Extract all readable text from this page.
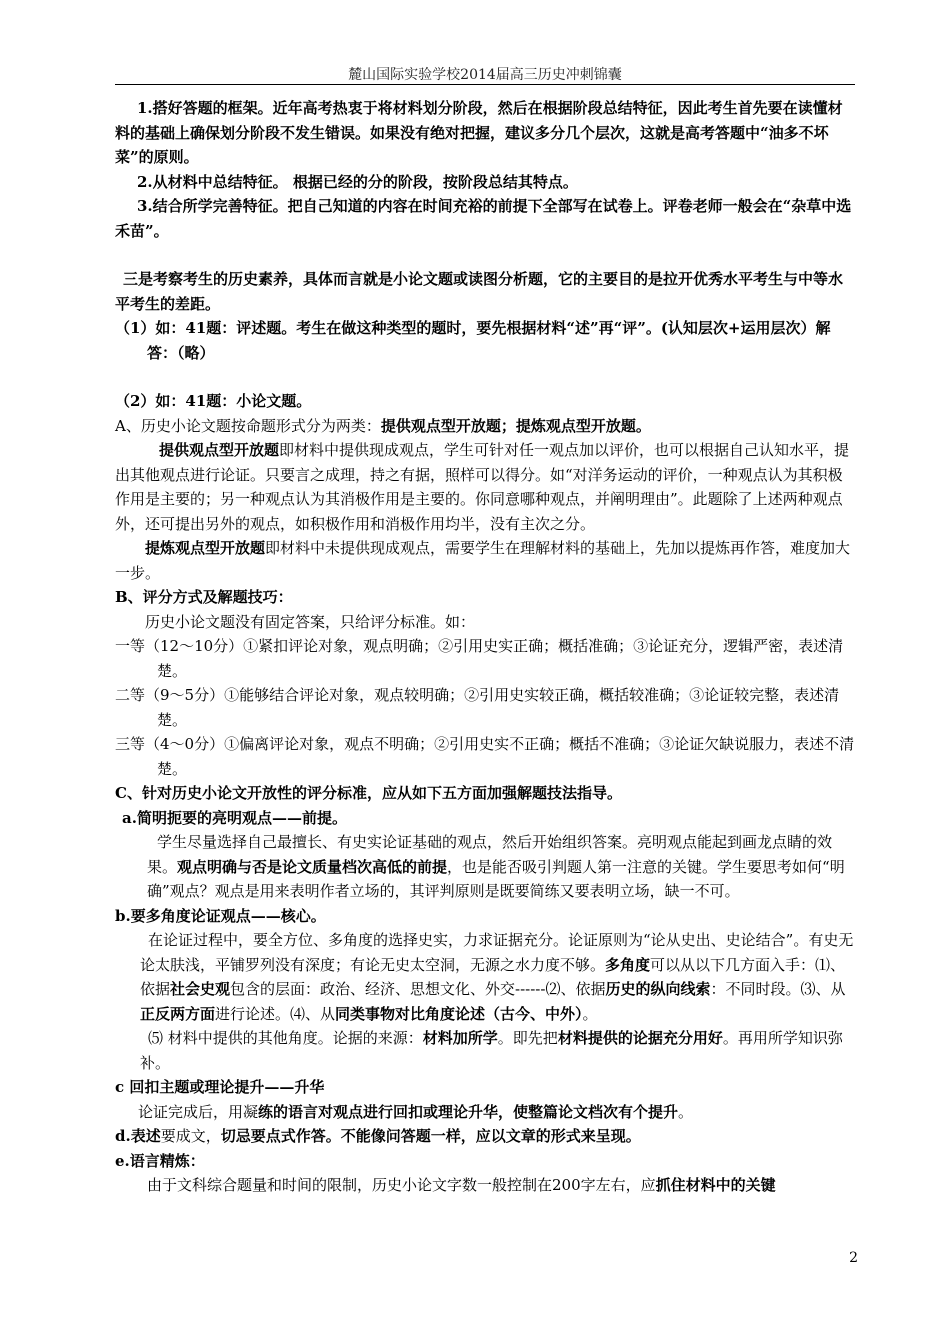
麓山国际实验学校2014届高三历史冲刺锦囊

1.搭好答题的框架。近年高考热衷于将材料划分阶段，然后在根据阶段总结特征，因此考生首先要在读懂材料的基础上确保划分阶段不发生错误。如果没有绝对把握，建议多分几个层次，这就是高考答题中“油多不坏菜”的原则。

2.从材料中总结特征。 根据已经的分的阶段，按阶段总结其特点。

3.结合所学完善特征。把自己知道的内容在时间充裕的前提下全部写在试卷上。评卷老师一般会在“杂草中选禾苗”。

三是考察考生的历史素养，具体而言就是小论文题或读图分析题，它的主要目的是拉开优秀水平考生与中等水平考生的差距。

（1）如：41题：评述题。考生在做这种类型的题时，要先根据材料“述”再“评”。(认知层次+运用层次）解答：（略）

（2）如：41题：小论文题。

A、历史小论文题按命题形式分为两类：提供观点型开放题；提炼观点型开放题。

提供观点型开放题即材料中提供现成观点，学生可针对任一观点加以评价，也可以根据自己认知水平，提出其他观点进行论证。只要言之成理，持之有据，照样可以得分。如“对洋务运动的评价，一种观点认为其积极作用是主要的；另一种观点认为其消极作用是主要的。你同意哪种观点，并阐明理由”。此题除了上述两种观点外，还可提出另外的观点，如积极作用和消极作用均半，没有主次之分。

提炼观点型开放题即材料中未提供现成观点，需要学生在理解材料的基础上，先加以提炼再作答，难度加大一步。

B、评分方式及解题技巧：

历史小论文题没有固定答案，只给评分标准。如：

一等（12～10分）①紧扣评论对象，观点明确；②引用史实正确；概括准确；③论证充分，逻辑严密，表述清楚。

二等（9～5分）①能够结合评论对象，观点较明确；②引用史实较正确，概括较准确；③论证较完整，表述清楚。

三等（4～0分）①偏离评论对象，观点不明确；②引用史实不正确；概括不准确；③论证欠缺说服力，表述不清楚。

C、针对历史小论文开放性的评分标准，应从如下五方面加强解题技法指导。

a.简明扼要的亮明观点——前提。

学生尽量选择自己最擅长、有史实论证基础的观点，然后开始组织答案。亮明观点能起到画龙点睛的效果。观点明确与否是论文质量档次高低的前提，也是能否吸引判题人第一注意的关键。学生要思考如何“明确”观点？观点是用来表明作者立场的，其评判原则是既要简练又要表明立场，缺一不可。

b.要多角度论证观点——核心。

在论证过程中，要全方位、多角度的选择史实，力求证据充分。论证原则为“论从史出、史论结合”。有史无论太肤浅，平铺罗列没有深度；有论无史太空洞，无源之水力度不够。多角度可以从以下几方面入手：⑴、依据社会史观包含的层面：政治、经济、思想文化、外交------⑵、依据历史的纵向线索：不同时段。⑶、从正反两方面进行论述。⑷、从同类事物对比角度论述（古今、中外）。

⑸ 材料中提供的其他角度。论据的来源：材料加所学。即先把材料提供的论据充分用好。再用所学知识弥补。

c 回扣主题或理论提升——升华

论证完成后，用凝练的语言对观点进行回扣或理论升华，使整篇论文档次有个提升。

d.表述要成文，切忌要点式作答。不能像问答题一样，应以文章的形式来呈现。

e.语言精炼：

由于文科综合题量和时间的限制，历史小论文字数一般控制在200字左右，应抓住材料中的关键

2
